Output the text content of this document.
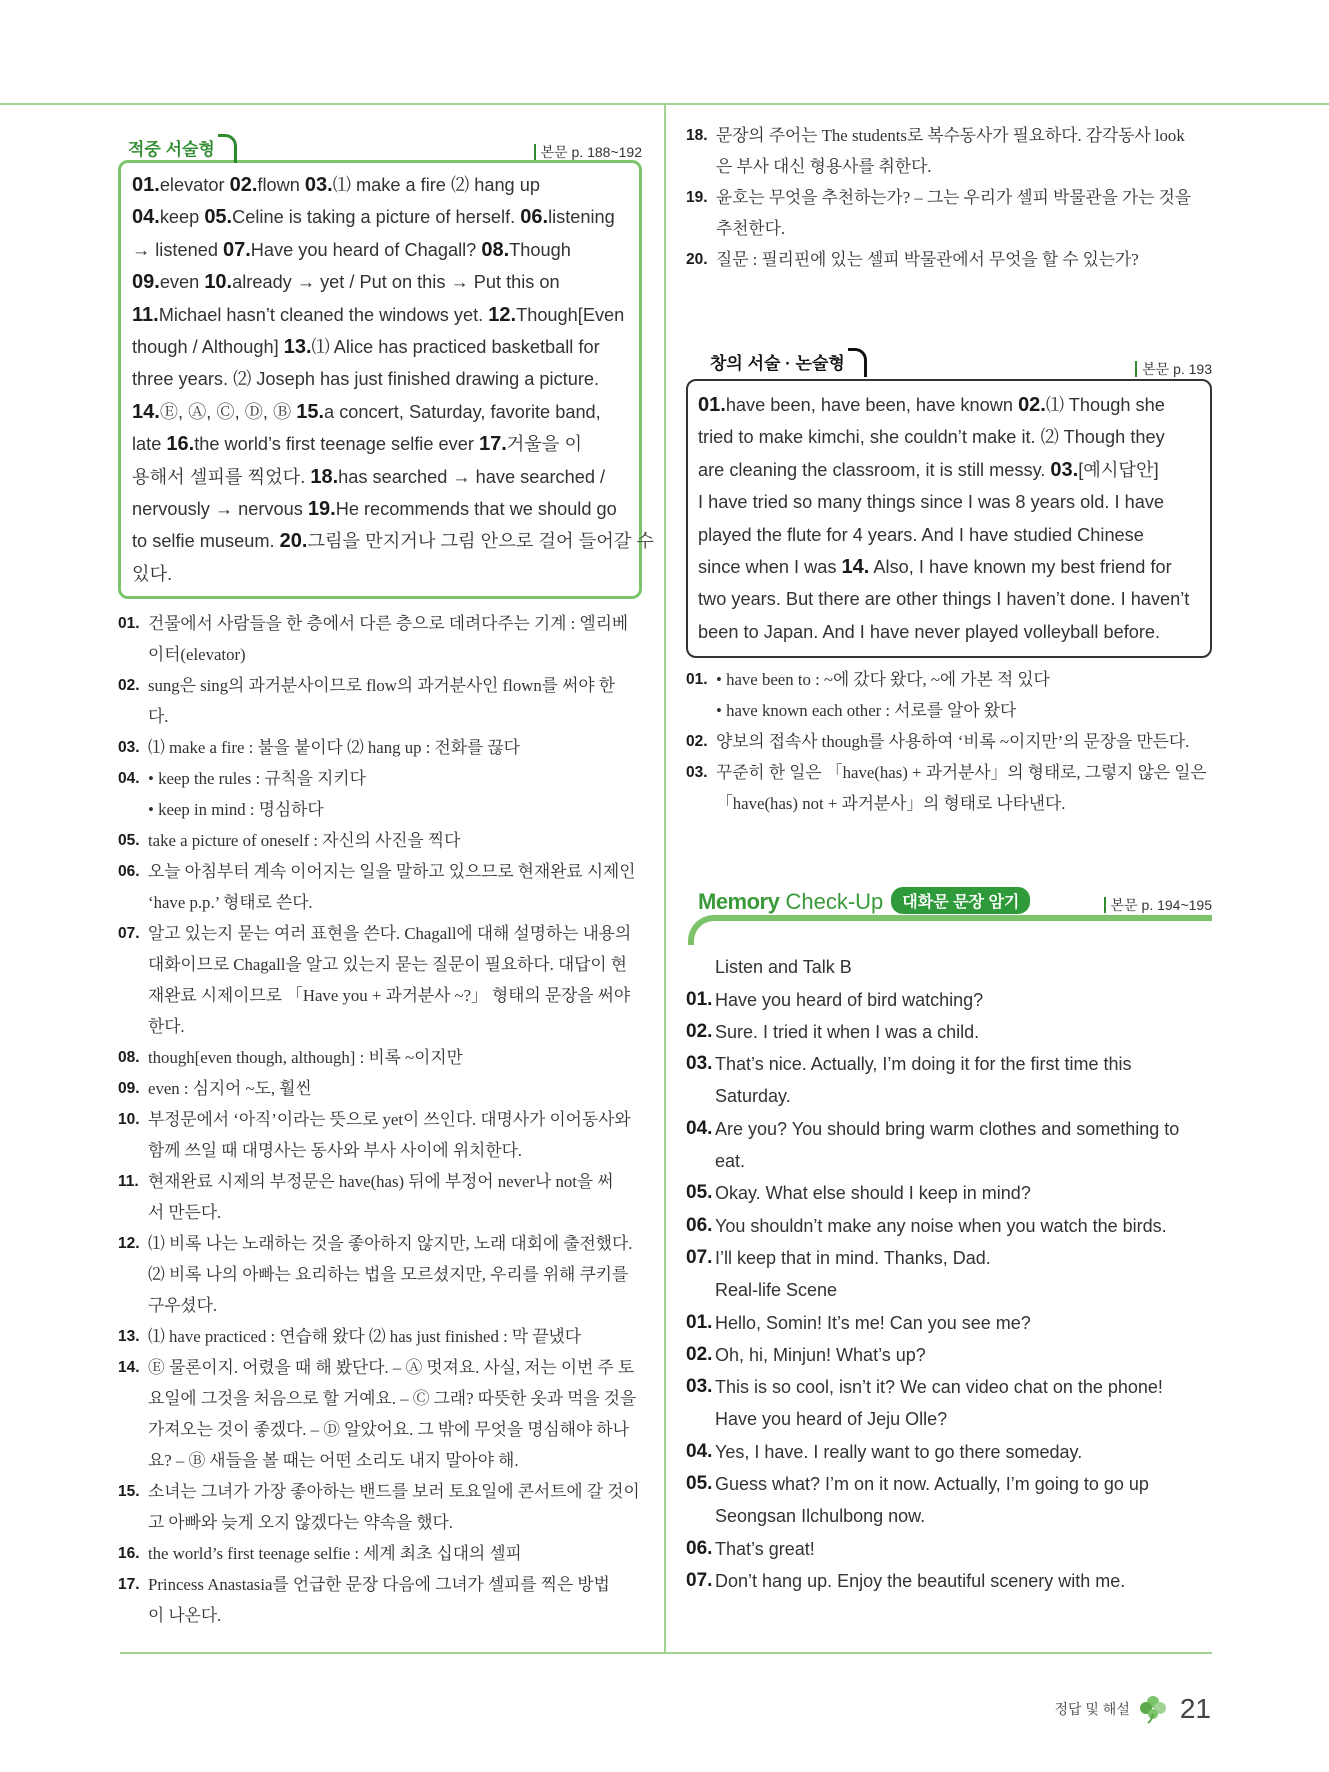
적중 서술형	본문 p. 188~192
01.elevator 02.flown 03.⑴ make a fire ⑵ hang up
04.keep 05.Celine is taking a picture of herself. 06.listening
→ listened 07.Have you heard of Chagall? 08.Though
09.even 10.already → yet / Put on this → Put this on
11.Michael hasn’t cleaned the windows yet. 12.Though[Even
though / Although] 13.⑴ Alice has practiced basketball for
three years. ⑵ Joseph has just finished drawing a picture.
14.Ⓔ, Ⓐ, Ⓒ, Ⓓ, Ⓑ 15.a concert, Saturday, favorite band,
late 16.the world’s first teenage selfie ever 17.거울을 이
용해서 셀피를 찍었다. 18.has searched → have searched /
nervously → nervous 19.He recommends that we should go
to selfie museum. 20.그림을 만지거나 그림 안으로 걸어 들어갈 수
있다.
01. 건물에서 사람들을 한 층에서 다른 층으로 데려다주는 기계 : 엘리베
이터(elevator)
02. sung은 sing의 과거분사이므로 flow의 과거분사인 flown를 써야 한
다.
03. ⑴ make a fire : 불을 붙이다 ⑵ hang up : 전화를 끊다
04. • keep the rules : 규칙을 지키다
• keep in mind : 명심하다
05. take a picture of oneself : 자신의 사진을 찍다
06. 오늘 아침부터 계속 이어지는 일을 말하고 있으므로 현재완료 시제인
‘have p.p.’ 형태로 쓴다.
07. 알고 있는지 묻는 여러 표현을 쓴다. Chagall에 대해 설명하는 내용의
대화이므로 Chagall을 알고 있는지 묻는 질문이 필요하다. 대답이 현
재완료 시제이므로 「Have you + 과거분사 ~?」 형태의 문장을 써야
한다.
08. though[even though, although] : 비록 ~이지만
09. even : 심지어 ~도, 훨씬
10. 부정문에서 ‘아직’이라는 뜻으로 yet이 쓰인다. 대명사가 이어동사와
함께 쓰일 때 대명사는 동사와 부사 사이에 위치한다.
11. 현재완료 시제의 부정문은 have(has) 뒤에 부정어 never나 not을 써
서 만든다.
12. ⑴ 비록 나는 노래하는 것을 좋아하지 않지만, 노래 대회에 출전했다.
⑵ 비록 나의 아빠는 요리하는 법을 모르셨지만, 우리를 위해 쿠키를
구우셨다.
13. ⑴ have practiced : 연습해 왔다 ⑵ has just finished : 막 끝냈다
14. Ⓔ 물론이지. 어렸을 때 해 봤단다. – Ⓐ 멋져요. 사실, 저는 이번 주 토
요일에 그것을 처음으로 할 거예요. – Ⓒ 그래? 따뜻한 옷과 먹을 것을
가져오는 것이 좋겠다. – Ⓓ 알았어요. 그 밖에 무엇을 명심해야 하나
요? – Ⓑ 새들을 볼 때는 어떤 소리도 내지 말아야 해.
15. 소녀는 그녀가 가장 좋아하는 밴드를 보러 토요일에 콘서트에 갈 것이
고 아빠와 늦게 오지 않겠다는 약속을 했다.
16. the world’s first teenage selfie : 세계 최초 십대의 셀피
17. Princess Anastasia를 언급한 문장 다음에 그녀가 셀피를 찍은 방법
이 나온다.
18. 문장의 주어는 The students로 복수동사가 필요하다. 감각동사 look
은 부사 대신 형용사를 취한다.
19. 윤호는 무엇을 추천하는가? – 그는 우리가 셀피 박물관을 가는 것을
추천한다.
20. 질문 : 필리핀에 있는 셀피 박물관에서 무엇을 할 수 있는가?
창의 서술 · 논술형	본문 p. 193
01.have been, have been, have known 02.⑴ Though she
tried to make kimchi, she couldn’t make it. ⑵ Though they
are cleaning the classroom, it is still messy. 03.[예시답안]
I have tried so many things since I was 8 years old. I have
played the flute for 4 years. And I have studied Chinese
since when I was 14. Also, I have known my best friend for
two years. But there are other things I haven’t done. I haven’t
been to Japan. And I have never played volleyball before.
01. • have been to : ~에 갔다 왔다, ~에 가본 적 있다
• have known each other : 서로를 알아 왔다
02. 양보의 접속사 though를 사용하여 ‘비록 ~이지만’의 문장을 만든다.
03. 꾸준히 한 일은 「have(has) + 과거분사」의 형태로, 그렇지 않은 일은
「have(has) not + 과거분사」의 형태로 나타낸다.
Memory Check-Up 대화문 문장 암기	본문 p. 194~195
Listen and Talk B
01. Have you heard of bird watching?
02. Sure. I tried it when I was a child.
03. That’s nice. Actually, I’m doing it for the first time this
Saturday.
04. Are you? You should bring warm clothes and something to
eat.
05. Okay. What else should I keep in mind?
06. You shouldn’t make any noise when you watch the birds.
07. I’ll keep that in mind. Thanks, Dad.
Real-life Scene
01. Hello, Somin! It’s me! Can you see me?
02. Oh, hi, Minjun! What’s up?
03. This is so cool, isn’t it? We can video chat on the phone!
Have you heard of Jeju Olle?
04. Yes, I have. I really want to go there someday.
05. Guess what? I’m on it now. Actually, I’m going to go up
Seongsan Ilchulbong now.
06. That’s great!
07. Don’t hang up. Enjoy the beautiful scenery with me.
정답 및 해설 21
